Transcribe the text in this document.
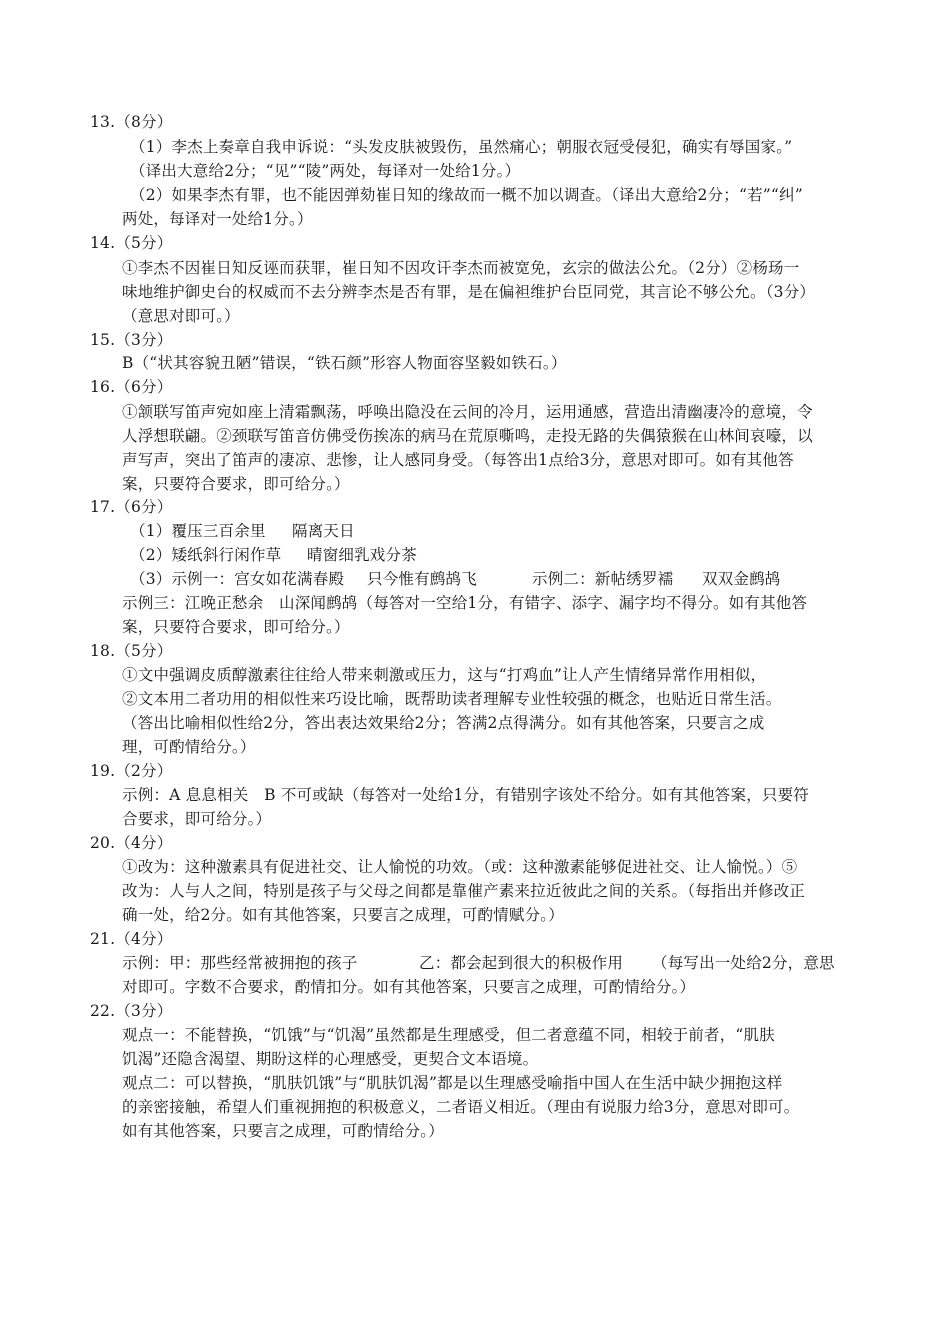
13.（8分）
（1）李杰上奏章自我申诉说：“头发皮肤被毁伤，虽然痛心；朝服衣冠受侵犯，确实有辱国家。”
（译出大意给2分；“见”“陵”两处，每译对一处给1分。）
（2）如果李杰有罪，也不能因弹劾崔日知的缘故而一概不加以调查。（译出大意给2分；“若”“纠”
两处，每译对一处给1分。）
14.（5分）
①李杰不因崔日知反诬而获罪，崔日知不因攻讦李杰而被宽免，玄宗的做法公允。（2分）②杨玚一
味地维护御史台的权威而不去分辨李杰是否有罪，是在偏袒维护台臣同党，其言论不够公允。（3分）
（意思对即可。）
15.（3分）
B（“状其容貌丑陋”错误，“铁石颜”形容人物面容坚毅如铁石。）
16.（6分）
①颔联写笛声宛如座上清霜飘荡，呼唤出隐没在云间的冷月，运用通感，营造出清幽凄冷的意境，令
人浮想联翩。②颈联写笛音仿佛受伤挨冻的病马在荒原嘶鸣，走投无路的失偶猿猴在山林间哀嚎，以
声写声，突出了笛声的凄凉、悲惨，让人感同身受。（每答出1点给3分，意思对即可。如有其他答
案，只要符合要求，即可给分。）
17.（6分）
（1）覆压三百余里 隔离天日
（2）矮纸斜行闲作草 晴窗细乳戏分茶
（3）示例一：宫女如花满春殿 只今惟有鹧鸪飞	示例二：新帖绣罗襦 双双金鹧鸪
示例三：江晚正愁余　山深闻鹧鸪（每答对一空给1分，有错字、添字、漏字均不得分。如有其他答
案，只要符合要求，即可给分。）
18.（5分）
①文中强调皮质醇激素往往给人带来刺激或压力，这与“打鸡血”让人产生情绪异常作用相似，
②文本用二者功用的相似性来巧设比喻，既帮助读者理解专业性较强的概念，也贴近日常生活。
（答出比喻相似性给2分，答出表达效果给2分；答满2点得满分。如有其他答案，只要言之成
理，可酌情给分。）
19.（2分）
示例：A 息息相关　B 不可或缺（每答对一处给1分，有错别字该处不给分。如有其他答案，只要符
合要求，即可给分。）
20.（4分）
①改为：这种激素具有促进社交、让人愉悦的功效。（或：这种激素能够促进社交、让人愉悦。）⑤
改为：人与人之间，特别是孩子与父母之间都是靠催产素来拉近彼此之间的关系。（每指出并修改正
确一处，给2分。如有其他答案，只要言之成理，可酌情赋分。）
21.（4分）
示例：甲：那些经常被拥抱的孩子	乙：都会起到很大的积极作用 （每写出一处给2分，意思
对即可。字数不合要求，酌情扣分。如有其他答案，只要言之成理，可酌情给分。）
22.（3分）
观点一：不能替换，“饥饿”与“饥渴”虽然都是生理感受，但二者意蕴不同，相较于前者，“肌肤
饥渴”还隐含渴望、期盼这样的心理感受，更契合文本语境。
观点二：可以替换，“肌肤饥饿”与“肌肤饥渴”都是以生理感受喻指中国人在生活中缺少拥抱这样
的亲密接触，希望人们重视拥抱的积极意义，二者语义相近。（理由有说服力给3分，意思对即可。
如有其他答案，只要言之成理，可酌情给分。）
